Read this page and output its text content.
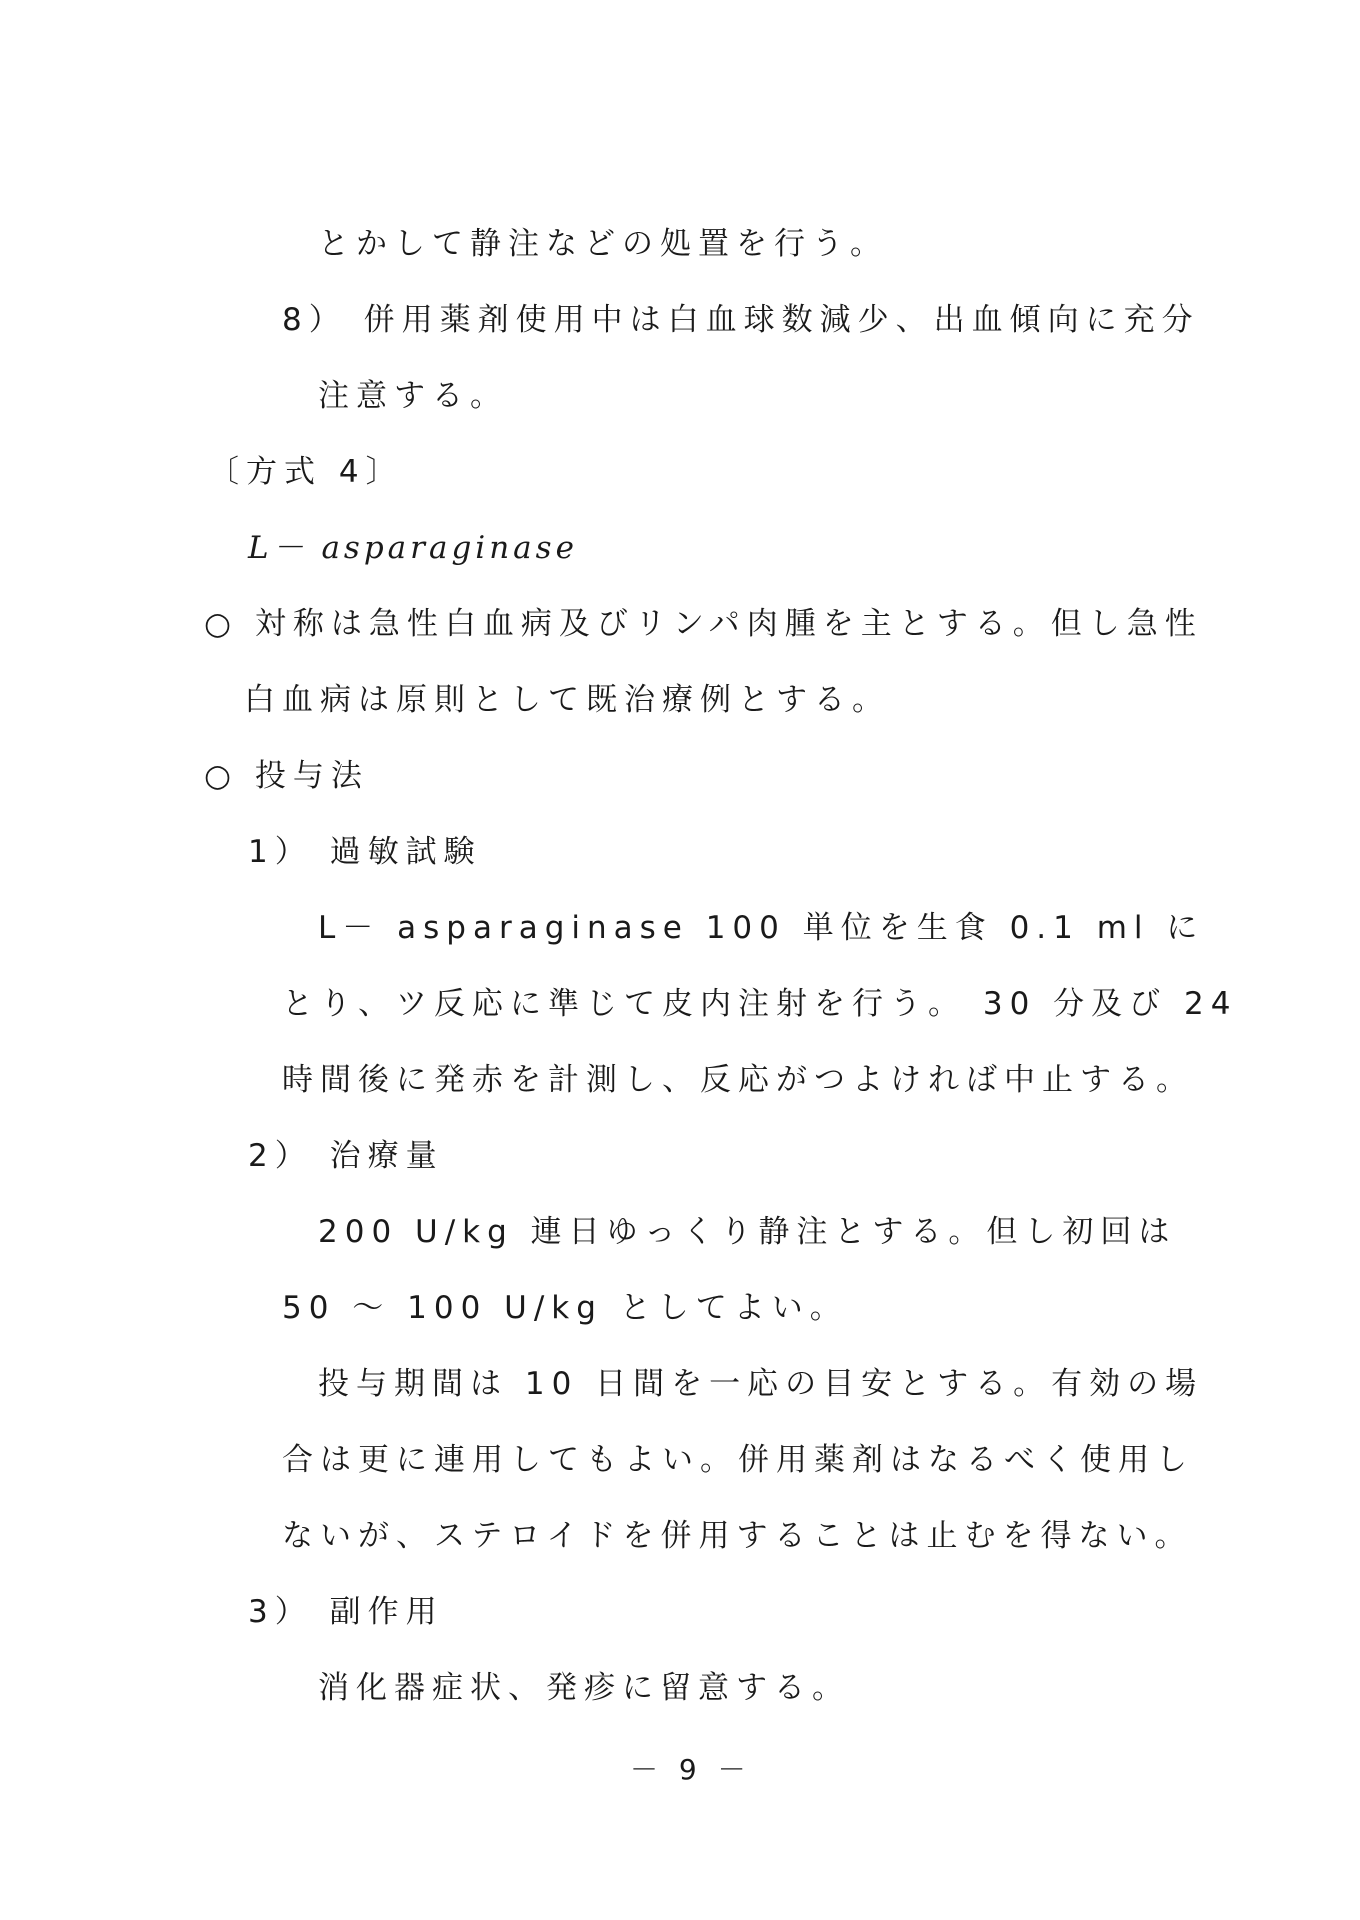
とかして静注などの処置を行う。
8） 併用薬剤使用中は白血球数減少、出血傾向に充分
注意する。
〔方式 4〕
L－ asparaginase
○ 対称は急性白血病及びリンパ肉腫を主とする。但し急性
白血病は原則として既治療例とする。
○ 投与法
1） 過敏試験
L－ asparaginase 100 単位を生食 0.1 ml に
とり、ツ反応に準じて皮内注射を行う。 30 分及び 24
時間後に発赤を計測し、反応がつよければ中止する。
2） 治療量
200 U/kg 連日ゆっくり静注とする。但し初回は
50 ～ 100 U/kg としてよい。
投与期間は 10 日間を一応の目安とする。有効の場
合は更に連用してもよい。併用薬剤はなるべく使用し
ないが、ステロイドを併用することは止むを得ない。
3） 副作用
消化器症状、発疹に留意する。
－ 9 －
